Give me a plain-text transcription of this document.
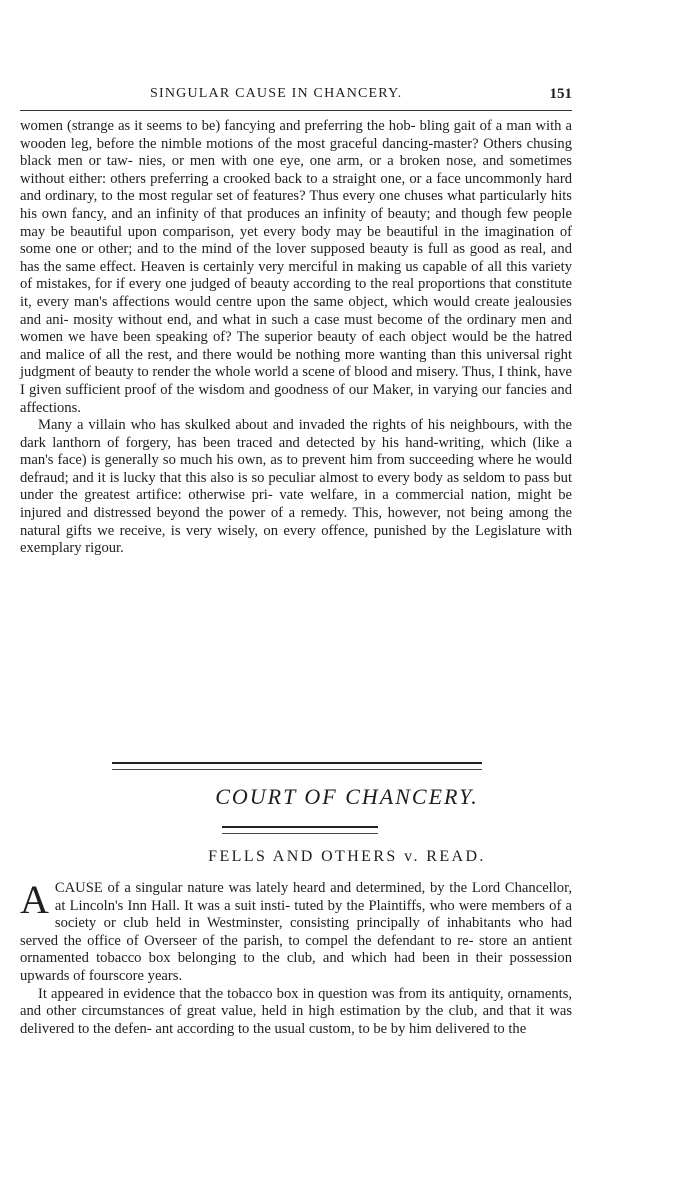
SINGULAR CAUSE IN CHANCERY.	151

women (strange as it seems to be) fancying and preferring the hob- bling gait of a man with a wooden leg, before the nimble motions of the most graceful dancing-master? Others chusing black men or taw- nies, or men with one eye, one arm, or a broken nose, and sometimes without either: others preferring a crooked back to a straight one, or a face uncommonly hard and ordinary, to the most regular set of features? Thus every one chuses what particularly hits his own fancy, and an infinity of that produces an infinity of beauty; and though few people may be beautiful upon comparison, yet every body may be beautiful in the imagination of some one or other; and to the mind of the lover supposed beauty is full as good as real, and has the same effect. Heaven is certainly very merciful in making us capable of all this variety of mistakes, for if every one judged of beauty according to the real proportions that constitute it, every man's affections would centre upon the same object, which would create jealousies and ani- mosity without end, and what in such a case must become of the ordinary men and women we have been speaking of? The superior beauty of each object would be the hatred and malice of all the rest, and there would be nothing more wanting than this universal right judgment of beauty to render the whole world a scene of blood and misery. Thus, I think, have I given sufficient proof of the wisdom and goodness of our Maker, in varying our fancies and affections.

Many a villain who has skulked about and invaded the rights of his neighbours, with the dark lanthorn of forgery, has been traced and detected by his hand-writing, which (like a man's face) is generally so much his own, as to prevent him from succeeding where he would defraud; and it is lucky that this also is so peculiar almost to every body as seldom to pass but under the greatest artifice: otherwise pri- vate welfare, in a commercial nation, might be injured and distressed beyond the power of a remedy. This, however, not being among the natural gifts we receive, is very wisely, on every offence, punished by the Legislature with exemplary rigour.

COURT OF CHANCERY.
FELLS AND OTHERS v. READ.

A CAUSE of a singular nature was lately heard and determined, by the Lord Chancellor, at Lincoln's Inn Hall. It was a suit insti- tuted by the Plaintiffs, who were members of a society or club held in Westminster, consisting principally of inhabitants who had served the office of Overseer of the parish, to compel the defendant to re- store an antient ornamented tobacco box belonging to the club, and which had been in their possession upwards of fourscore years.

It appeared in evidence that the tobacco box in question was from its antiquity, ornaments, and other circumstances of great value, held in high estimation by the club, and that it was delivered to the defen- ant according to the usual custom, to be by him delivered to the
